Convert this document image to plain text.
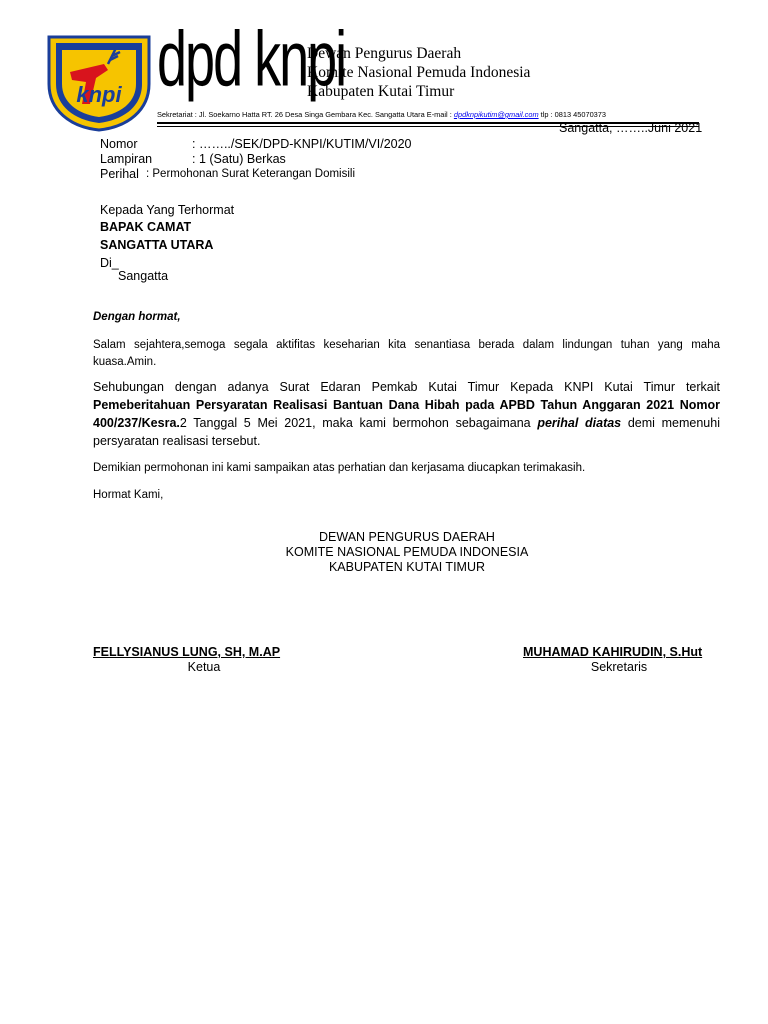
knpi dpd knpi
Dewan Pengurus Daerah
Komite Nasional Pemuda Indonesia
Kabupaten Kutai Timur
Sekretariat : Jl. Soekarno Hatta RT. 26 Desa Singa Gembara Kec. Sangatta Utara E-mail : dpdknpikutim@gmail.com tlp : 0813 45070373
Sangatta, ……..Juni 2021
Nomor	: ……../SEK/DPD-KNPI/KUTIM/VI/2020
Lampiran	: 1 (Satu) Berkas
Perihal : Permohonan Surat Keterangan Domisili
Kepada Yang Terhormat
BAPAK CAMAT
SANGATTA UTARA
Di_
Sangatta
Dengan hormat,
Salam sejahtera,semoga segala aktifitas keseharian kita senantiasa berada dalam lindungan tuhan yang maha kuasa.Amin.
Sehubungan dengan adanya Surat Edaran Pemkab Kutai Timur Kepada KNPI Kutai Timur terkait Pemeberitahuan Persyaratan Realisasi Bantuan Dana Hibah pada APBD Tahun Anggaran 2021 Nomor 400/237/Kesra.2 Tanggal 5 Mei 2021, maka kami bermohon sebagaimana perihal diatas demi memenuhi persyaratan realisasi tersebut.
Demikian permohonan ini kami sampaikan atas perhatian dan kerjasama diucapkan terimakasih.
Hormat Kami,
DEWAN PENGURUS DAERAH
KOMITE NASIONAL PEMUDA INDONESIA
KABUPATEN KUTAI TIMUR
FELLYSIANUS LUNG, SH, M.AP
Ketua
MUHAMAD KAHIRUDIN, S.Hut
Sekretaris
